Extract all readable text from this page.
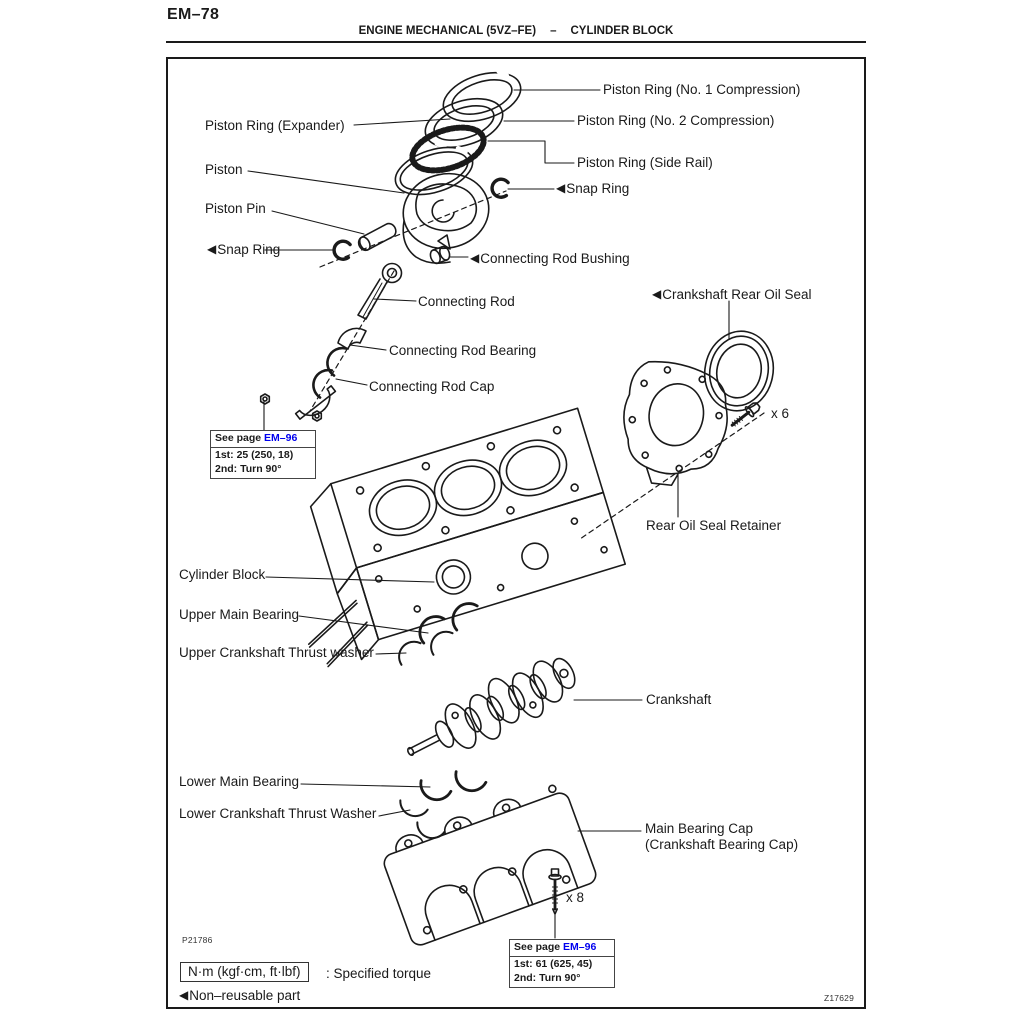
EM–78
ENGINE MECHANICAL (5VZ–FE) – CYLINDER BLOCK
Piston Ring (No. 1 Compression)
Piston Ring (No. 2 Compression)
Piston Ring (Expander)
Piston Ring (Side Rail)
Piston
◀Snap Ring
Piston Pin
◀Snap Ring
◀Connecting Rod Bushing
Connecting Rod	◀Crankshaft Rear Oil Seal
Connecting Rod Bearing
Connecting Rod Cap
x 6
Rear Oil Seal Retainer
Cylinder Block
Upper Main Bearing
Upper Crankshaft Thrust washer
Crankshaft
Lower Main Bearing
Lower Crankshaft Thrust Washer
Main Bearing Cap
(Crankshaft Bearing Cap)
x 8
See page EM–96
1st: 25 (250, 18)
2nd: Turn 90°
See page EM–96
1st: 61 (625, 45)
2nd: Turn 90°
P21786
N·m (kgf·cm, ft·lbf)	: Specified torque
◀Non–reusable part	Z17629
